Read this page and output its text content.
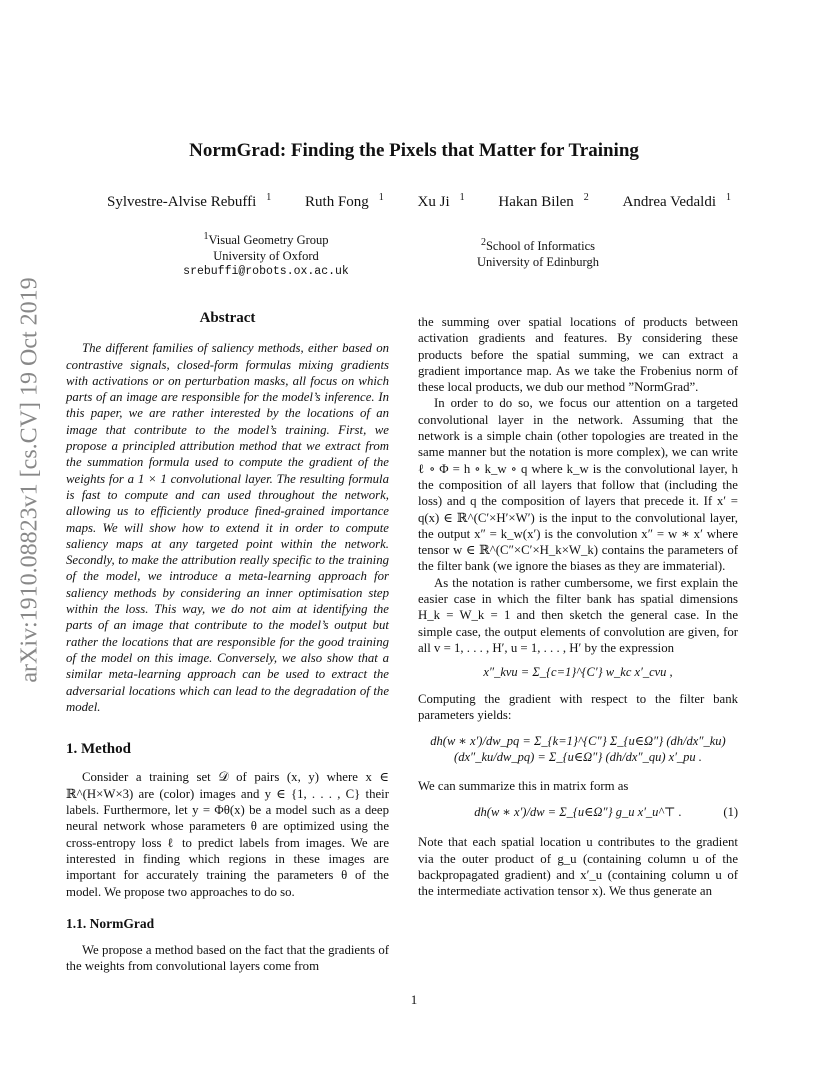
NormGrad: Finding the Pixels that Matter for Training
Sylvestre-Alvise Rebuffi $^1$ Ruth Fong $^1$ Xu Ji $^1$ Hakan Bilen $^2$ Andrea Vedaldi $^1$
$^1$Visual Geometry Group
University of Oxford
srebuffi@robots.ox.ac.uk
$^2$School of Informatics
University of Edinburgh
arXiv:1910.08823v1 [cs.CV] 19 Oct 2019	Abstract

The different families of saliency methods, either based on contrastive signals, closed-form formulas mixing gradients with activations or on perturbation masks, all focus on which parts of an image are responsible for the model’s inference. In this paper, we are rather interested by the locations of an image that contribute to the model’s training. First, we propose a principled attribution method that we extract from the summation formula used to compute the gradient of the weights for a 1 × 1 convolutional layer. The resulting formula is fast to compute and can used throughout the network, allowing us to efficiently produce fined-grained importance maps. We will show how to extend it in order to compute saliency maps at any targeted point within the network. Secondly, to make the attribution really specific to the training of the model, we introduce a meta-learning approach for saliency methods by considering an inner optimisation step within the loss. This way, we do not aim at identifying the parts of an image that contribute to the model’s output but rather the locations that are responsible for the good training of the model on this image. Conversely, we also show that a similar meta-learning approach can be used to extract the adversarial locations which can lead to the degradation of the model.

1. Method

Consider a training set 𝒟 of pairs (x, y) where x ∈ ℝ^(H×W×3) are (color) images and y ∈ {1, . . . , C} their labels. Furthermore, let y = Φθ(x) be a model such as a deep neural network whose parameters θ are optimized using the cross-entropy loss ℓ to predict labels from images. We are interested in finding which regions in these images are important for accurately training the parameters θ of the model. We propose two approaches to do so.

1.1. NormGrad

We propose a method based on the fact that the gradients of the weights from convolutional layers come from

the summing over spatial locations of products between activation gradients and features. By considering these products before the spatial summing, we can extract a gradient importance map. As we take the Frobenius norm of these local products, we dub our method ”NormGrad”.

In order to do so, we focus our attention on a targeted convolutional layer in the network. Assuming that the network is a simple chain (other topologies are treated in the same manner but the notation is more complex), we can write ℓ ∘ Φ = h ∘ k_w ∘ q where k_w is the convolutional layer, h the composition of all layers that follow that (including the loss) and q the composition of layers that precede it. If x′ = q(x) ∈ ℝ^(C′×H′×W′) is the input to the convolutional layer, the output x″ = k_w(x′) is the convolution x″ = w ∗ x′ where tensor w ∈ ℝ^(C″×C′×H_k×W_k) contains the parameters of the filter bank (we ignore the biases as they are immaterial).

As the notation is rather cumbersome, we first explain the easier case in which the filter bank has spatial dimensions H_k = W_k = 1 and then sketch the general case. In the simple case, the output elements of convolution are given, for all v = 1, . . . , H′, u = 1, . . . , H′ by the expression

x″_kvu = Σ_{c=1}^{C′} w_kc x′_cvu ,

Computing the gradient with respect to the filter bank parameters yields:

dh(w ∗ x′)/dw_pq = Σ_{k=1}^{C″} Σ_{u∈Ω″} (dh/dx″_ku)(dx″_ku/dw_pq) = Σ_{u∈Ω″} (dh/dx″_qu) x′_pu .

We can summarize this in matrix form as

dh(w ∗ x′)/dw = Σ_{u∈Ω″} g_u x′_u^⊤ .	(1)

Note that each spatial location u contributes to the gradient via the outer product of g_u (containing column u of the backpropagated gradient) and x′_u (containing column u of the intermediate activation tensor x). We thus generate an

1
